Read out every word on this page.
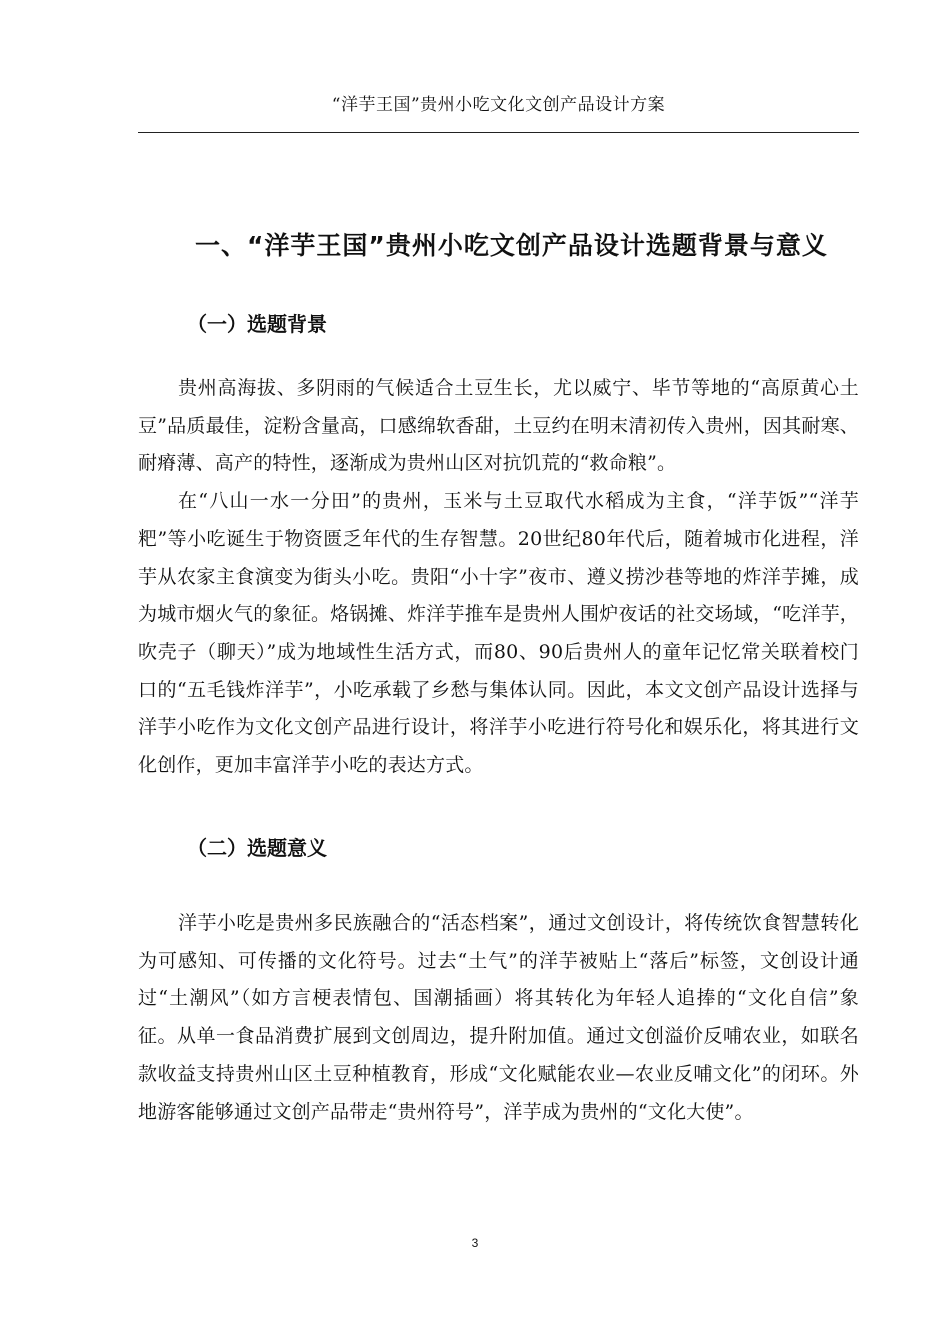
“洋芋王国”贵州小吃文化文创产品设计方案
一、“洋芋王国”贵州小吃文创产品设计选题背景与意义
（一）选题背景

贵州高海拔、多阴雨的气候适合土豆生长，尤以威宁、毕节等地的“高原黄心土豆”品质最佳，淀粉含量高，口感绵软香甜，土豆约在明末清初传入贵州，因其耐寒、耐瘠薄、高产的特性，逐渐成为贵州山区对抗饥荒的“救命粮”。

在“八山一水一分田”的贵州，玉米与土豆取代水稻成为主食，“洋芋饭”“洋芋粑”等小吃诞生于物资匮乏年代的生存智慧。20世纪80年代后，随着城市化进程，洋芋从农家主食演变为街头小吃。贵阳“小十字”夜市、遵义捞沙巷等地的炸洋芋摊，成为城市烟火气的象征。烙锅摊、炸洋芋推车是贵州人围炉夜话的社交场域，“吃洋芋，吹壳子（聊天）”成为地域性生活方式，而80、90后贵州人的童年记忆常关联着校门口的“五毛钱炸洋芋”，小吃承载了乡愁与集体认同。因此，本文文创产品设计选择与洋芋小吃作为文化文创产品进行设计，将洋芋小吃进行符号化和娱乐化，将其进行文化创作，更加丰富洋芋小吃的表达方式。

（二）选题意义

洋芋小吃是贵州多民族融合的“活态档案”，通过文创设计，将传统饮食智慧转化为可感知、可传播的文化符号。过去“土气”的洋芋被贴上“落后”标签，文创设计通过“土潮风”（如方言梗表情包、国潮插画）将其转化为年轻人追捧的“文化自信”象征。从单一食品消费扩展到文创周边，提升附加值。通过文创溢价反哺农业，如联名款收益支持贵州山区土豆种植教育，形成“文化赋能农业—农业反哺文化”的闭环。外地游客能够通过文创产品带走“贵州符号”，洋芋成为贵州的“文化大使”。

3
